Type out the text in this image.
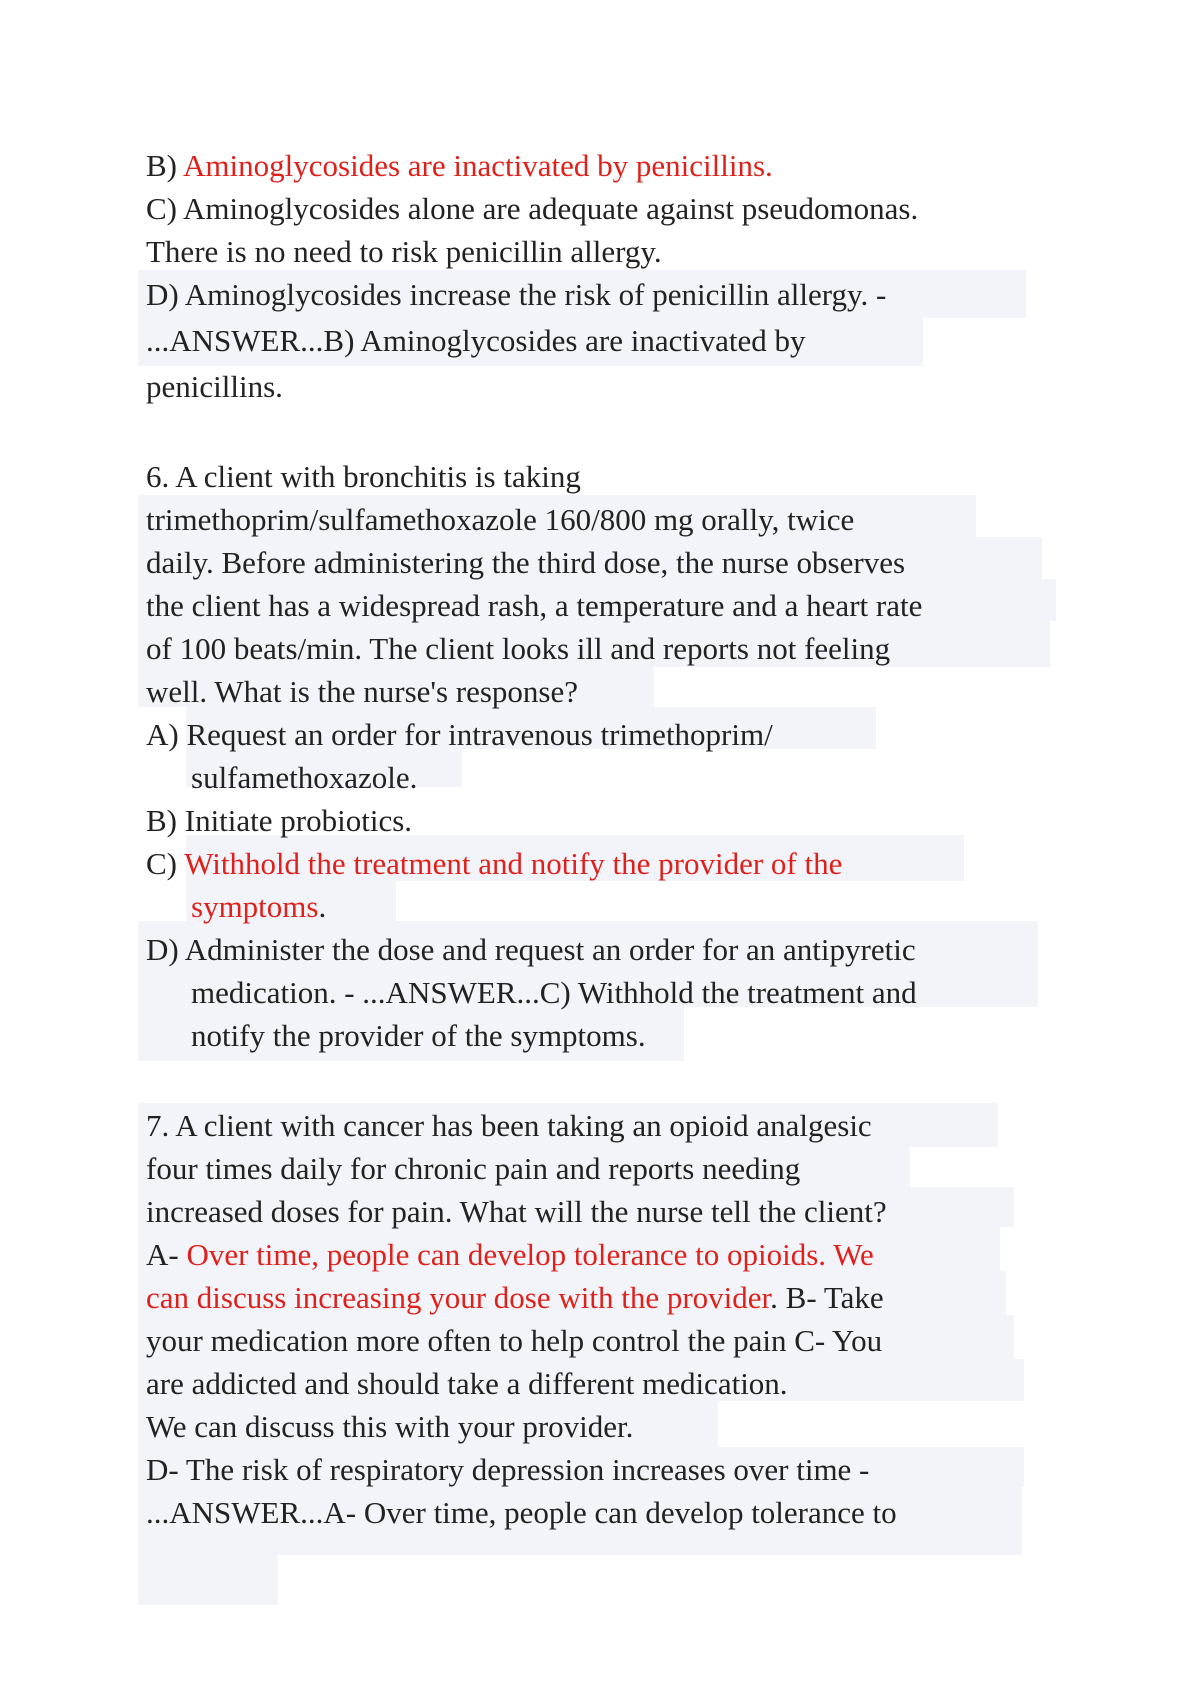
B) Aminoglycosides are inactivated by penicillins.
C) Aminoglycosides alone are adequate against pseudomonas.
There is no need to risk penicillin allergy.
D) Aminoglycosides increase the risk of penicillin allergy. -
...ANSWER...B) Aminoglycosides are inactivated by
penicillins.
6. A client with bronchitis is taking
trimethoprim/sulfamethoxazole 160/800 mg orally, twice
daily. Before administering the third dose, the nurse observes
the client has a widespread rash, a temperature and a heart rate
of 100 beats/min. The client looks ill and reports not feeling
well. What is the nurse's response?
A) Request an order for intravenous trimethoprim/
sulfamethoxazole.
B) Initiate probiotics.
C) Withhold the treatment and notify the provider of the
symptoms.
D) Administer the dose and request an order for an antipyretic
medication. - ...ANSWER...C) Withhold the treatment and
notify the provider of the symptoms.
7. A client with cancer has been taking an opioid analgesic
four times daily for chronic pain and reports needing
increased doses for pain. What will the nurse tell the client?
A- Over time, people can develop tolerance to opioids. We
can discuss increasing your dose with the provider. B- Take
your medication more often to help control the pain C- You
are addicted and should take a different medication.
We can discuss this with your provider.
D- The risk of respiratory depression increases over time -
...ANSWER...A- Over time, people can develop tolerance to
